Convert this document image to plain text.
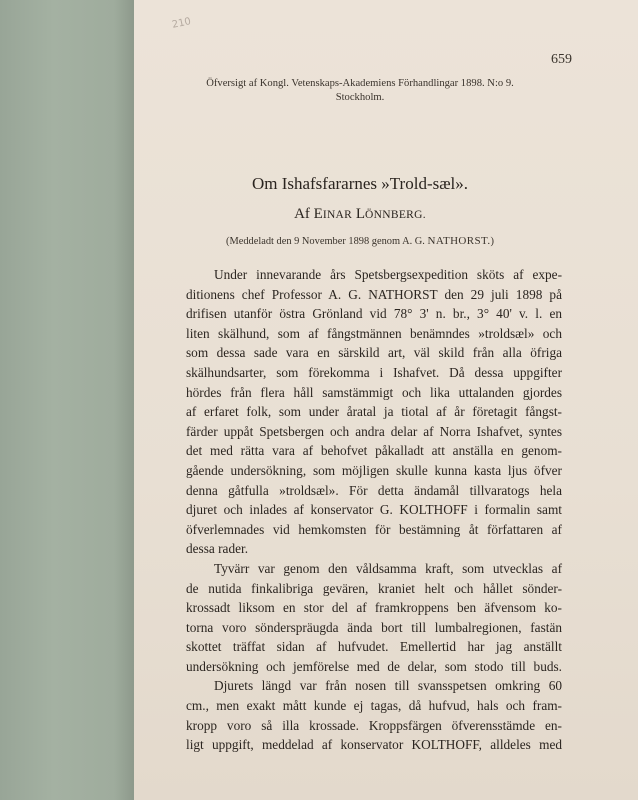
210
659
Öfversigt af Kongl. Vetenskaps-Akademiens Förhandlingar 1898. N:o 9.
Stockholm.
Om Ishafsfararnes »Trold-sæl».
Af EINAR LÖNNBERG.
(Meddeladt den 9 November 1898 genom A. G. NATHORST.)
Under innevarande års Spetsbergsexpedition sköts af expe-
ditionens chef Professor A. G. NATHORST den 29 juli 1898 på
drifisen utanför östra Grönland vid 78° 3' n. br., 3° 40' v. l. en
liten skälhund, som af fångstmännen benämndes »troldsæl» och
som dessa sade vara en särskild art, väl skild från alla öfriga
skälhundsarter, som förekomma i Ishafvet. Då dessa uppgifter
hördes från flera håll samstämmigt och lika uttalanden gjordes
af erfaret folk, som under åratal ja tiotal af år företagit fångst-
färder uppåt Spetsbergen och andra delar af Norra Ishafvet, syntes
det med rätta vara af behofvet påkalladt att anställa en genom-
gående undersökning, som möjligen skulle kunna kasta ljus öfver
denna gåtfulla »troldsæl». För detta ändamål tillvaratogs hela
djuret och inlades af konservator G. KOLTHOFF i formalin samt
öfverlemnades vid hemkomsten för bestämning åt författaren af
dessa rader.
Tyvärr var genom den våldsamma kraft, som utvecklas af
de nutida finkalibriga gevären, kraniet helt och hållet sönder-
krossadt liksom en stor del af framkroppens ben äfvensom ko-
torna voro sönderspräugda ända bort till lumbalregionen, fastän
skottet träffat sidan af hufvudet. Emellertid har jag anställt
undersökning och jemförelse med de delar, som stodo till buds.
Djurets längd var från nosen till svansspetsen omkring 60
cm., men exakt mått kunde ej tagas, då hufvud, hals och fram-
kropp voro så illa krossade. Kroppsfärgen öfverensstämde en-
ligt uppgift, meddelad af konservator KOLTHOFF, alldeles med
